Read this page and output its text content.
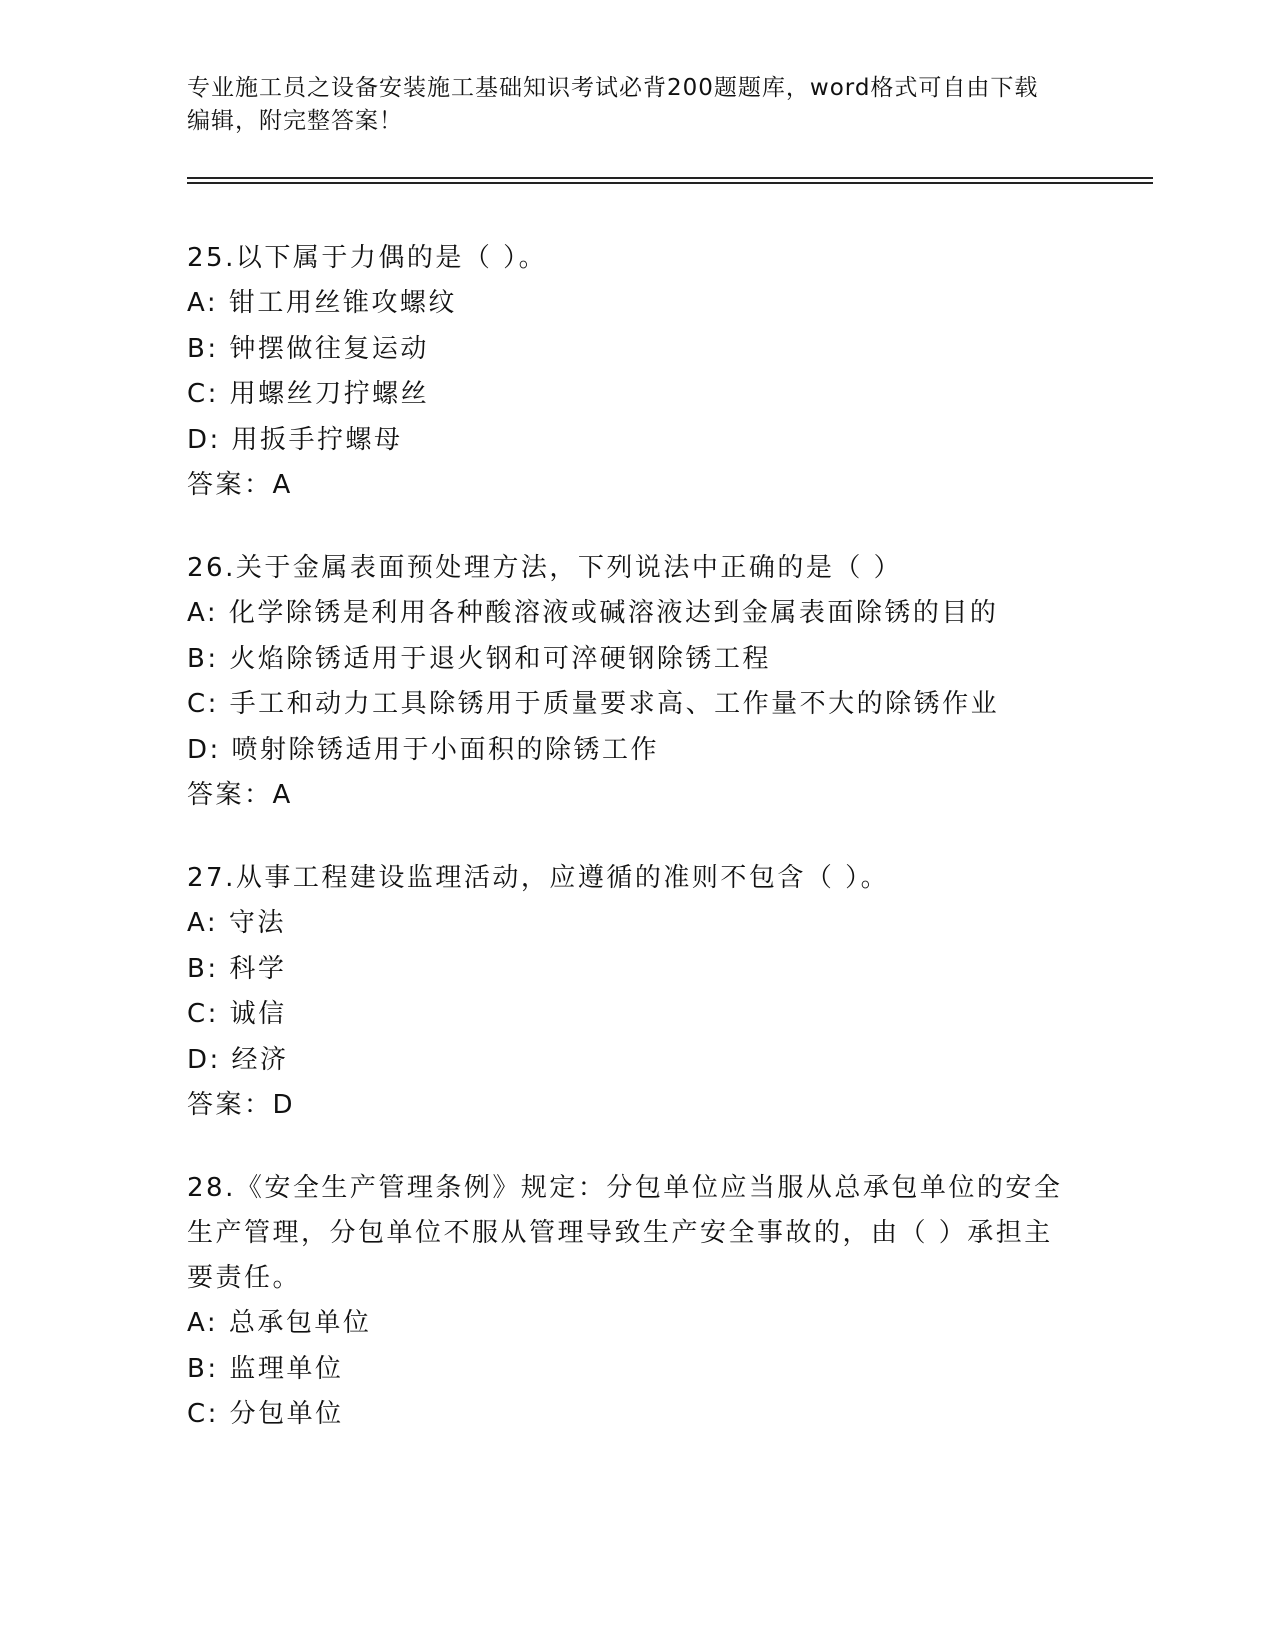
专业施工员之设备安装施工基础知识考试必背200题题库，word格式可自由下载
编辑，附完整答案！
25.以下属于力偶的是（ ）。
A: 钳工用丝锥攻螺纹
B: 钟摆做往复运动
C: 用螺丝刀拧螺丝
D: 用扳手拧螺母
答案：A
26.关于金属表面预处理方法，下列说法中正确的是（ ）
A: 化学除锈是利用各种酸溶液或碱溶液达到金属表面除锈的目的
B: 火焰除锈适用于退火钢和可淬硬钢除锈工程
C: 手工和动力工具除锈用于质量要求高、工作量不大的除锈作业
D: 喷射除锈适用于小面积的除锈工作
答案：A
27.从事工程建设监理活动，应遵循的准则不包含（ ）。
A: 守法
B: 科学
C: 诚信
D: 经济
答案：D
28.《安全生产管理条例》规定：分包单位应当服从总承包单位的安全
生产管理，分包单位不服从管理导致生产安全事故的，由（ ）承担主
要责任。
A: 总承包单位
B: 监理单位
C: 分包单位
